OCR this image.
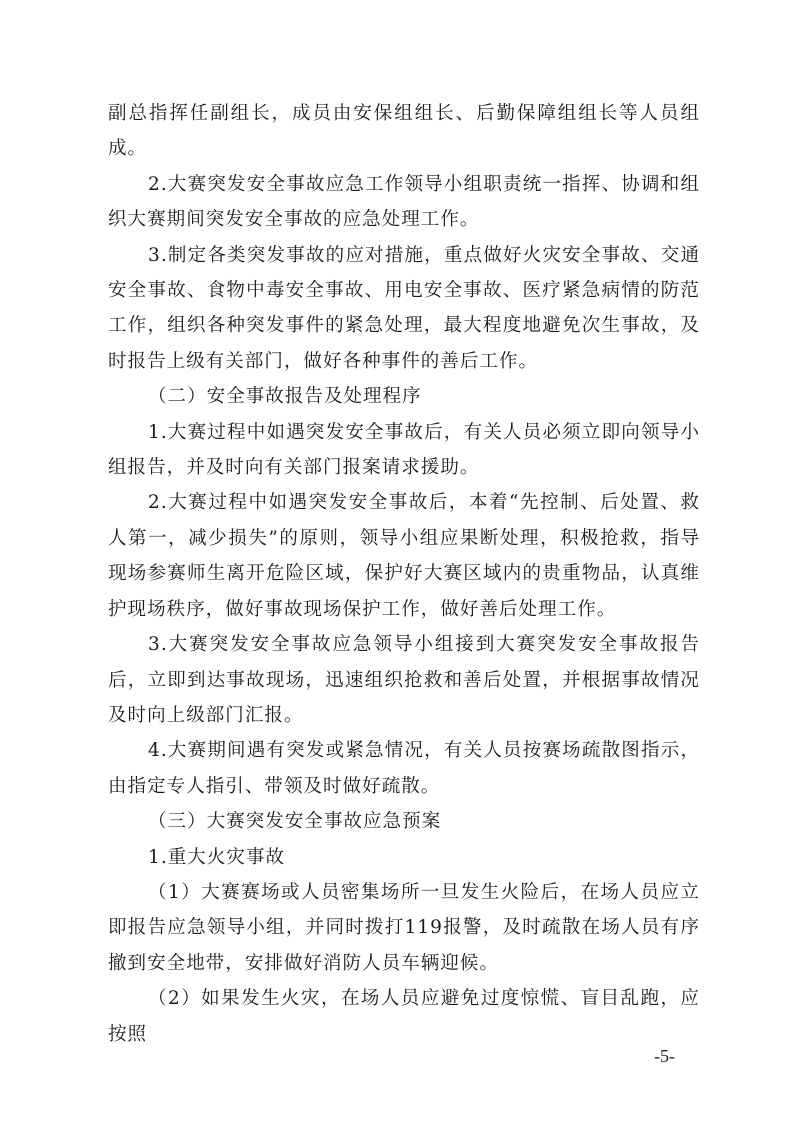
副总指挥任副组长，成员由安保组组长、后勤保障组组长等人员组成。

2.大赛突发安全事故应急工作领导小组职责统一指挥、协调和组织大赛期间突发安全事故的应急处理工作。

3.制定各类突发事故的应对措施，重点做好火灾安全事故、交通安全事故、食物中毒安全事故、用电安全事故、医疗紧急病情的防范工作，组织各种突发事件的紧急处理，最大程度地避免次生事故，及时报告上级有关部门，做好各种事件的善后工作。

（二）安全事故报告及处理程序

1.大赛过程中如遇突发安全事故后，有关人员必须立即向领导小组报告，并及时向有关部门报案请求援助。

2.大赛过程中如遇突发安全事故后，本着“先控制、后处置、救人第一，减少损失”的原则，领导小组应果断处理，积极抢救，指导现场参赛师生离开危险区域，保护好大赛区域内的贵重物品，认真维护现场秩序，做好事故现场保护工作，做好善后处理工作。

3.大赛突发安全事故应急领导小组接到大赛突发安全事故报告后，立即到达事故现场，迅速组织抢救和善后处置，并根据事故情况及时向上级部门汇报。

4.大赛期间遇有突发或紧急情况，有关人员按赛场疏散图指示，由指定专人指引、带领及时做好疏散。

（三）大赛突发安全事故应急预案

1.重大火灾事故

（1）大赛赛场或人员密集场所一旦发生火险后，在场人员应立即报告应急领导小组，并同时拨打119报警，及时疏散在场人员有序撤到安全地带，安排做好消防人员车辆迎候。

（2）如果发生火灾，在场人员应避免过度惊慌、盲目乱跑，应按照

-5-
